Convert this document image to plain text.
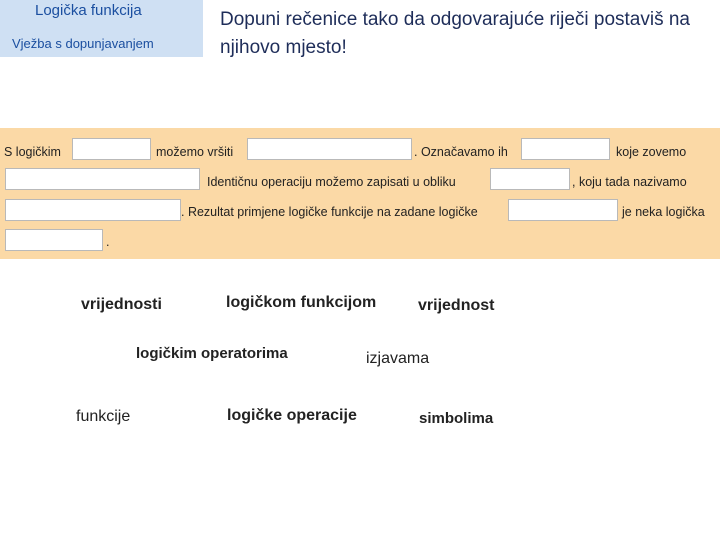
Logička funkcija
Vježba s dopunjavanjem
Dopuni rečenice tako da odgovarajuće riječi postaviš na njihovo mjesto!
S logičkim	možemo vršiti	. Označavamo ih	koje zovemo
Identičnu operaciju možemo zapisati u obliku	, koju tada nazivamo
. Rezultat primjene logičke funkcije na zadane logičke	je neka logička
.
vrijednosti	logičkom funkcijom	vrijednost
logičkim operatorima	izjavama
funkcije	logičke operacije	simbolima
